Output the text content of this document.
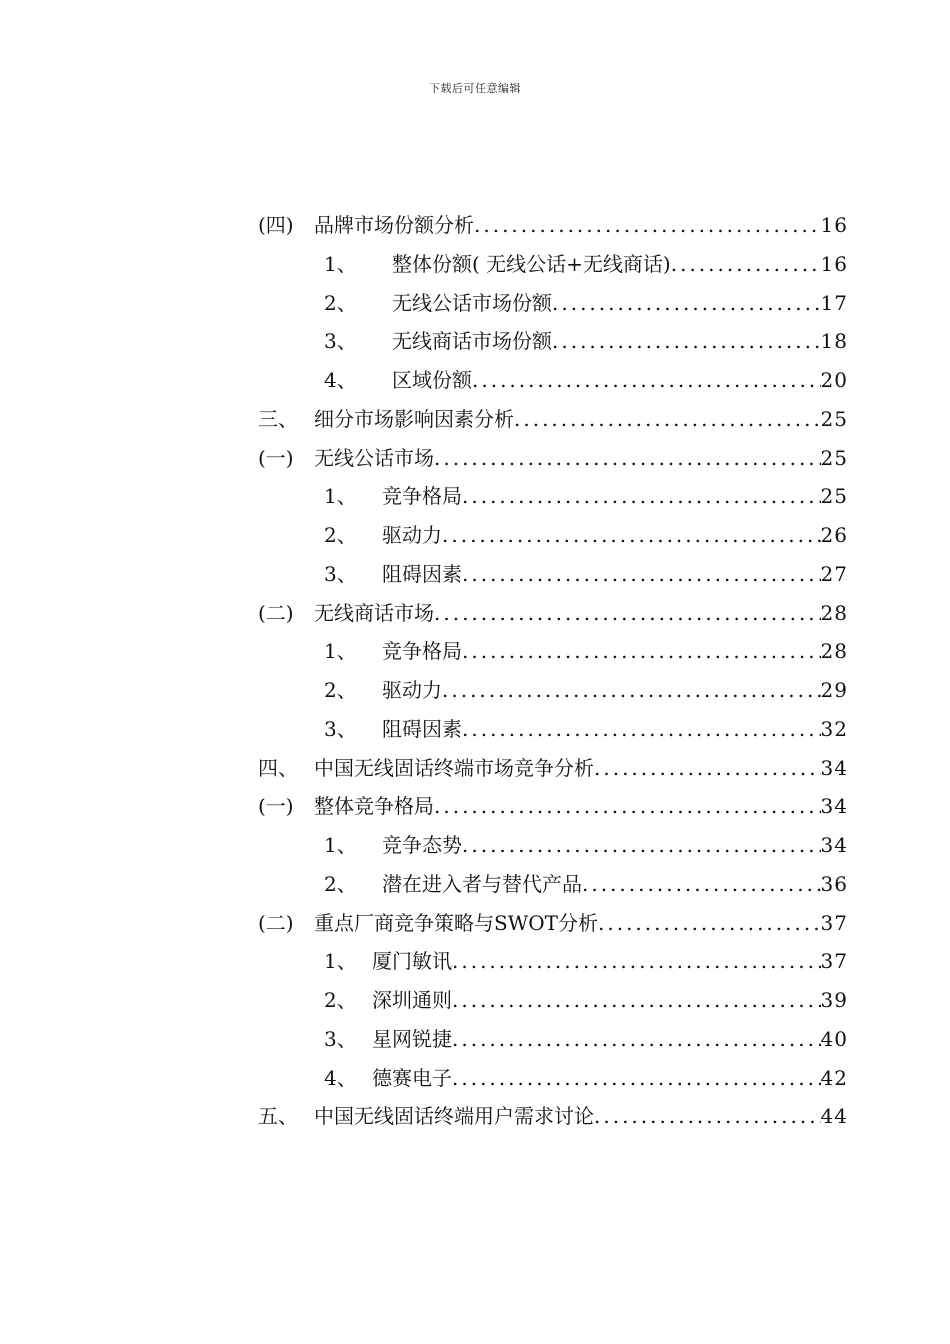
下载后可任意编辑
(四)	品牌市场份额分析 .....	16
1、	整体份额( 无线公话+无线商话) .....	16
2、	无线公话市场份额 .....	17
3、	无线商话市场份额 .....	18
4、	区域份额 .....	20
三、 细分市场影响因素分析 .....	25
(一)	无线公话市场 .....	25
1、	竞争格局 .....	25
2、	驱动力 .....	26
3、	阻碍因素 .....	27
(二)	无线商话市场 .....	28
1、	竞争格局 .....	28
2、	驱动力 .....	29
3、	阻碍因素 .....	32
四、 中国无线固话终端市场竞争分析 .....	34
(一)	整体竞争格局 .....	34
1、	竞争态势 .....	34
2、	潜在进入者与替代产品 .....	36
(二)	重点厂商竞争策略与SWOT分析 .....	37
1、 厦门敏讯 .....	37
2、 深圳通则 .....	39
3、 星网锐捷 .....	40
4、 德赛电子 .....	42
五、 中国无线固话终端用户需求讨论 .....	44
